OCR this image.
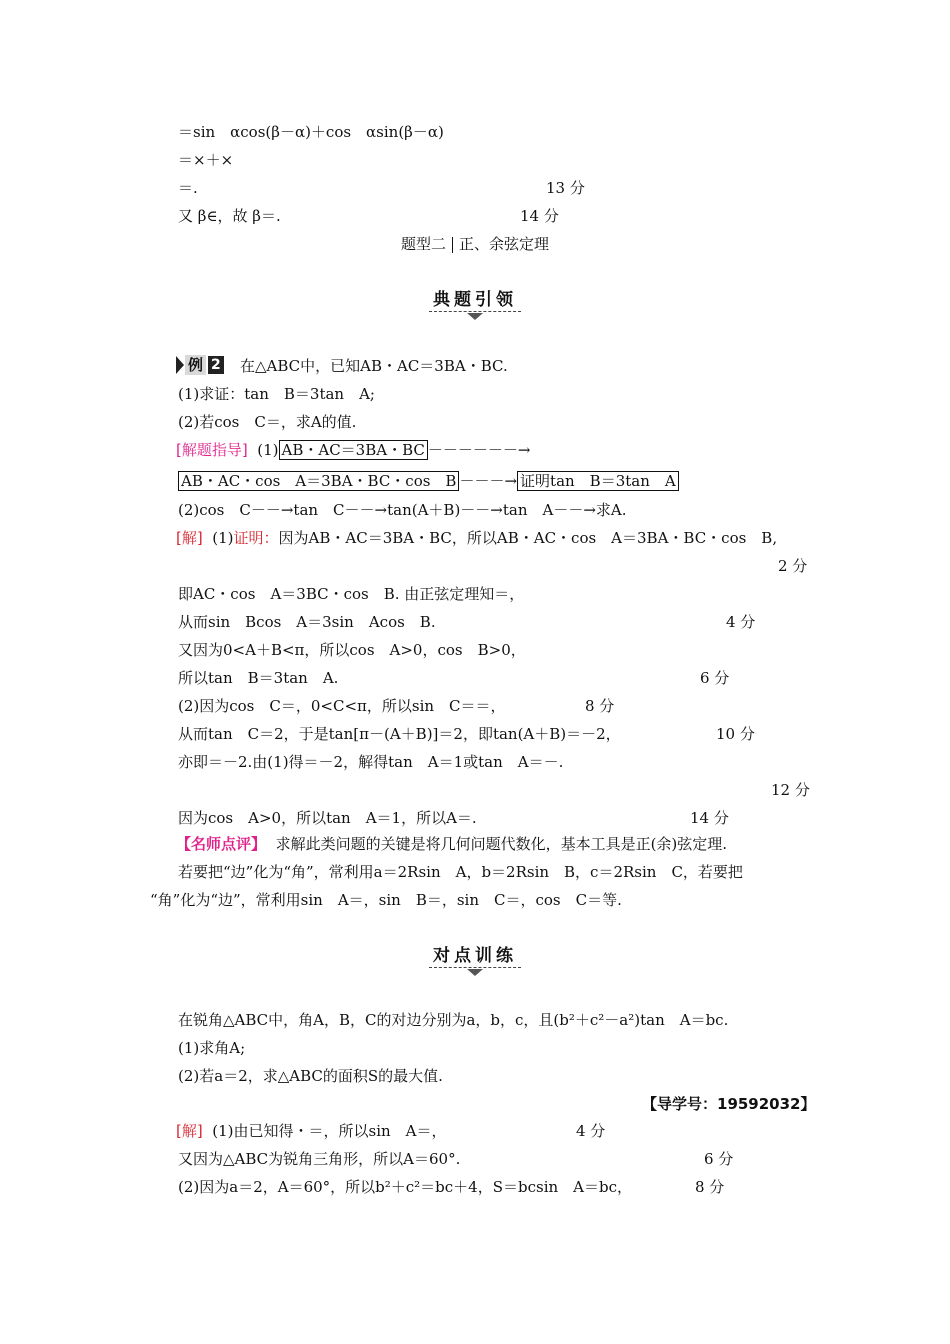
＝sin　αcos(β－α)＋cos　αsin(β－α)
＝×＋×
＝.	13 分
又 β∈，故 β＝.	14 分
题型二 正、余弦定理
典题引领
例 2 在△ABC中，已知AB・AC＝3BA・BC.
(1)求证：tan　B＝3tan　A;
(2)若cos　C＝，求A的值.
[解题指导] (1) AB・AC＝3BA・BC －－－－－－→
AB・AC・cos　A＝3BA・BC・cos　B －－－→ 证明tan　B＝3tan　A
(2)cos　C－－→tan　C－－→tan(A＋B)－－→tan　A－－→求A.
[解] (1)证明：因为AB・AC＝3BA・BC，所以AB・AC・cos　A＝3BA・BC・cos　B,
2 分
即AC・cos　A＝3BC・cos　B. 由正弦定理知＝，
从而sin　Bcos　A＝3sin　Acos　B.	4 分
又因为0<A＋B<π，所以cos　A>0，cos　B>0，
所以tan　B＝3tan　A.	6 分
(2)因为cos　C＝，0<C<π，所以sin　C＝＝，	8 分
从而tan　C＝2，于是tan[π－(A＋B)]＝2，即tan(A＋B)＝－2，	10 分
亦即＝－2.由(1)得＝－2，解得tan　A＝1或tan　A＝－.
12 分
因为cos　A>0，所以tan　A＝1，所以A＝.	14 分
【名师点评】 求解此类问题的关键是将几何问题代数化，基本工具是正(余)弦定理.
若要把“边”化为“角”，常利用a＝2Rsin　A，b＝2Rsin　B，c＝2Rsin　C，若要把
“角”化为“边”，常利用sin　A＝，sin　B＝，sin　C＝，cos　C＝等.
对点训练
在锐角△ABC中，角A，B，C的对边分别为a，b，c，且(b²＋c²－a²)tan　A＝bc.
(1)求角A;
(2)若a＝2，求△ABC的面积S的最大值.
【导学号：19592032】
[解] (1)由已知得・＝，所以sin　A＝，	4 分
又因为△ABC为锐角三角形，所以A＝60°.	6 分
(2)因为a＝2，A＝60°，所以b²＋c²＝bc＋4，S＝bcsin　A＝bc，	8 分
